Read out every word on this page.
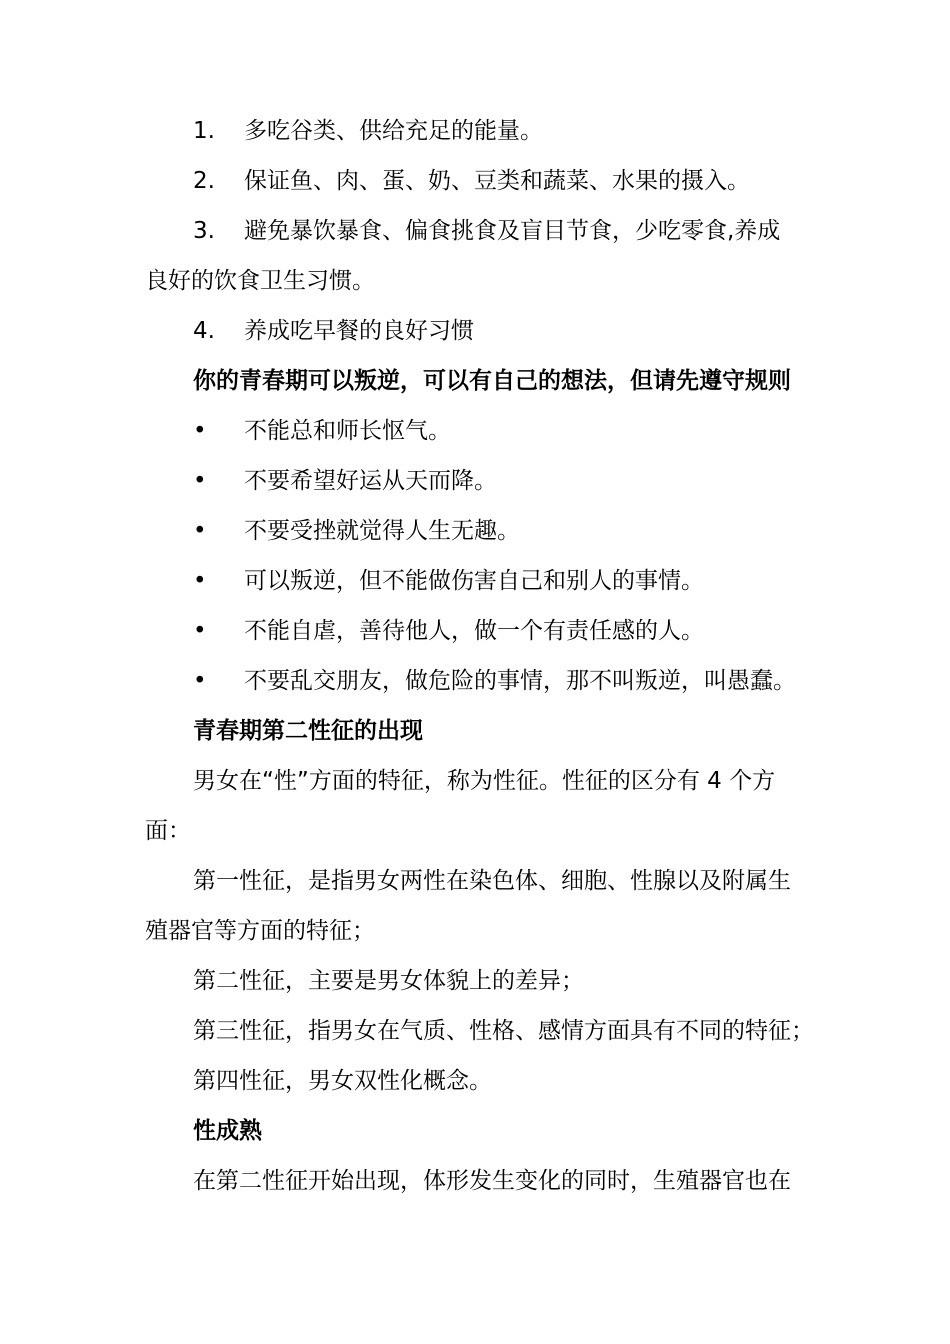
1. 多吃谷类、供给充足的能量。
2. 保证鱼、肉、蛋、奶、豆类和蔬菜、水果的摄入。
3. 避免暴饮暴食、偏食挑食及盲目节食，少吃零食,养成
良好的饮食卫生习惯。
4. 养成吃早餐的良好习惯
你的青春期可以叛逆，可以有自己的想法，但请先遵守规则
• 不能总和师长怄气。
• 不要希望好运从天而降。
• 不要受挫就觉得人生无趣。
• 可以叛逆，但不能做伤害自己和别人的事情。
• 不能自虐，善待他人，做一个有责任感的人。
• 不要乱交朋友，做危险的事情，那不叫叛逆，叫愚蠢。
青春期第二性征的出现
男女在“性”方面的特征，称为性征。性征的区分有 4 个方
面：
第一性征，是指男女两性在染色体、细胞、性腺以及附属生
殖器官等方面的特征；
第二性征，主要是男女体貌上的差异；
第三性征，指男女在气质、性格、感情方面具有不同的特征；
第四性征，男女双性化概念。
性成熟
在第二性征开始出现，体形发生变化的同时，生殖器官也在
